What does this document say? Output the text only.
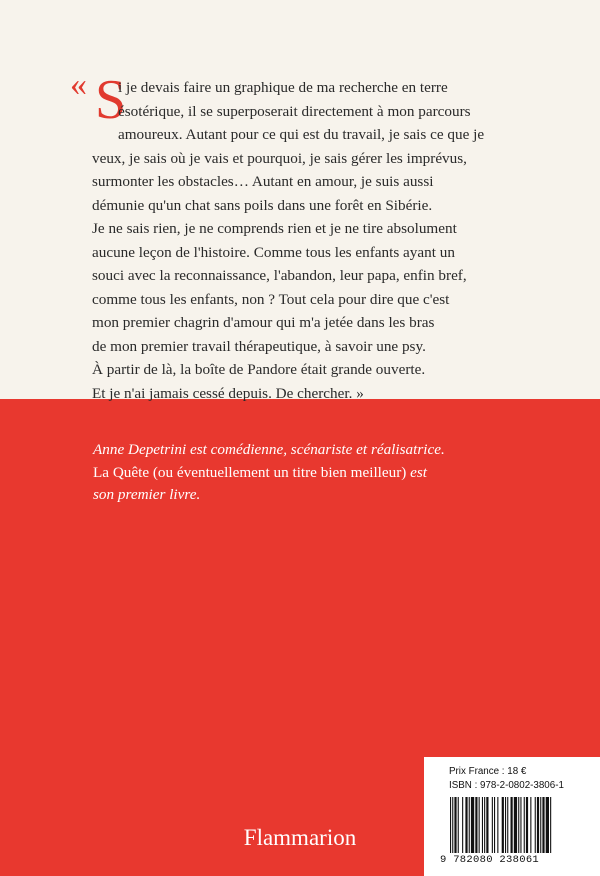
« S
i je devais faire un graphique de ma recherche en terre
ésotérique, il se superposerait directement à mon parcours
amoureux. Autant pour ce qui est du travail, je sais ce que je
veux, je sais où je vais et pourquoi, je sais gérer les imprévus,
surmonter les obstacles… Autant en amour, je suis aussi
démunie qu'un chat sans poils dans une forêt en Sibérie.
Je ne sais rien, je ne comprends rien et je ne tire absolument
aucune leçon de l'histoire. Comme tous les enfants ayant un
souci avec la reconnaissance, l'abandon, leur papa, enfin bref,
comme tous les enfants, non ? Tout cela pour dire que c'est
mon premier chagrin d'amour qui m'a jetée dans les bras
de mon premier travail thérapeutique, à savoir une psy.
À partir de là, la boîte de Pandore était grande ouverte.
Et je n'ai jamais cessé depuis. De chercher. »
Anne Depetrini est comédienne, scénariste et réalisatrice.
La Quête (ou éventuellement un titre bien meilleur) est
son premier livre.
Prix France : 18 €
ISBN : 978-2-0802-3806-1
9 782080 238061
Flammarion
